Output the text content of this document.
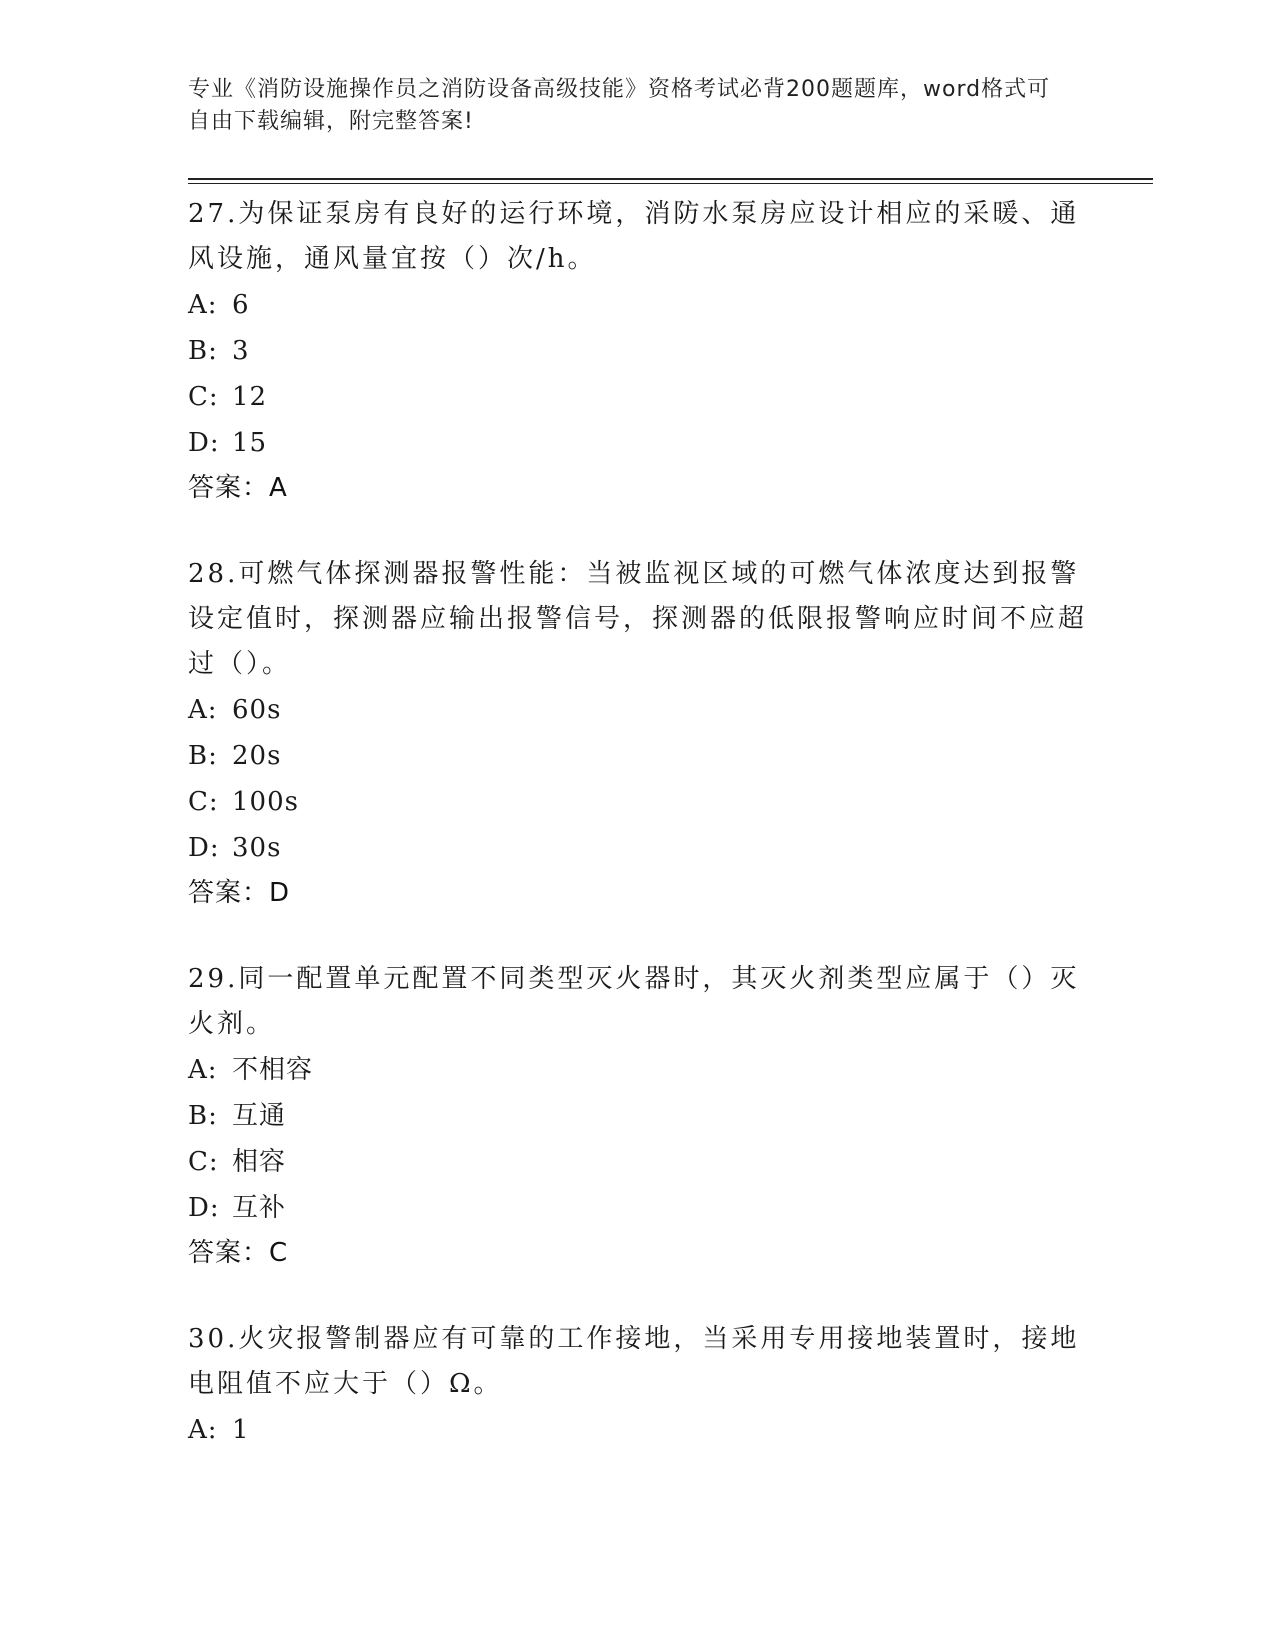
专业《消防设施操作员之消防设备高级技能》资格考试必背200题题库，word格式可自由下载编辑，附完整答案!

27.为保证泵房有良好的运行环境，消防水泵房应设计相应的采暖、通风设施，通风量宜按（）次/h。

A: 6
B: 3
C: 12
D: 15
答案：A

28.可燃气体探测器报警性能：当被监视区域的可燃气体浓度达到报警设定值时，探测器应输出报警信号，探测器的低限报警响应时间不应超过（）。

A: 60s
B: 20s
C: 100s
D: 30s
答案：D

29.同一配置单元配置不同类型灭火器时，其灭火剂类型应属于（）灭火剂。

A: 不相容
B: 互通
C: 相容
D: 互补
答案：C

30.火灾报警制器应有可靠的工作接地，当采用专用接地装置时，接地电阻值不应大于（）Ω。

A: 1
